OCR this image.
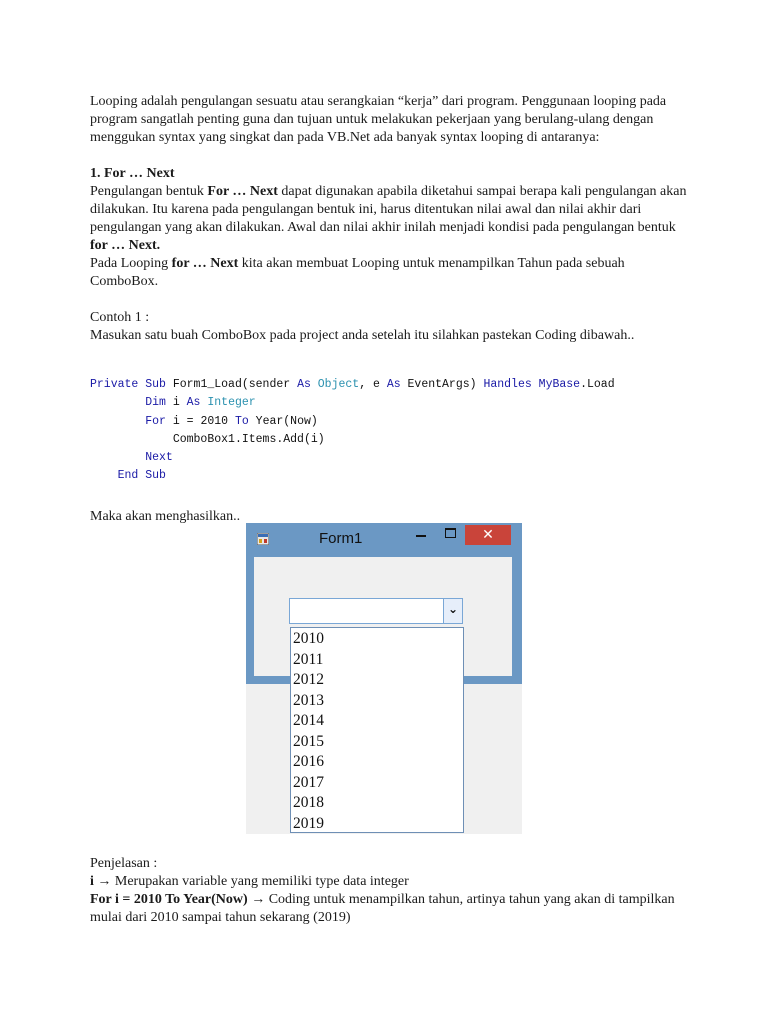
Looping adalah pengulangan sesuatu atau serangkaian “kerja” dari program. Penggunaan looping pada program sangatlah penting guna dan tujuan untuk melakukan pekerjaan yang berulang-ulang dengan menggukan syntax yang singkat dan pada VB.Net ada banyak syntax looping di antaranya:

1. For … Next

Pengulangan bentuk For … Next dapat digunakan apabila diketahui sampai berapa kali pengulangan akan dilakukan. Itu karena pada pengulangan bentuk ini, harus ditentukan nilai awal dan nilai akhir dari pengulangan yang akan dilakukan. Awal dan nilai akhir inilah menjadi kondisi pada pengulangan bentuk for … Next.

Pada Looping for … Next kita akan membuat Looping untuk menampilkan Tahun pada sebuah ComboBox.

Contoh 1 :

Masukan satu buah ComboBox pada project anda setelah itu silahkan pastekan Coding dibawah..

Private Sub Form1_Load(sender As Object, e As EventArgs) Handles MyBase.Load
Dim i As Integer
For i = 2010 To Year(Now)
ComboBox1.Items.Add(i)
Next
End Sub

Maka akan menghasilkan..

Form1	✕
⌄
2010
2011
2012
2013
2014
2015
2016
2017
2018
2019

Penjelasan :

i → Merupakan variable yang memiliki type data integer

For i = 2010 To Year(Now) → Coding untuk menampilkan tahun, artinya tahun yang akan di tampilkan mulai dari 2010 sampai tahun sekarang (2019)
